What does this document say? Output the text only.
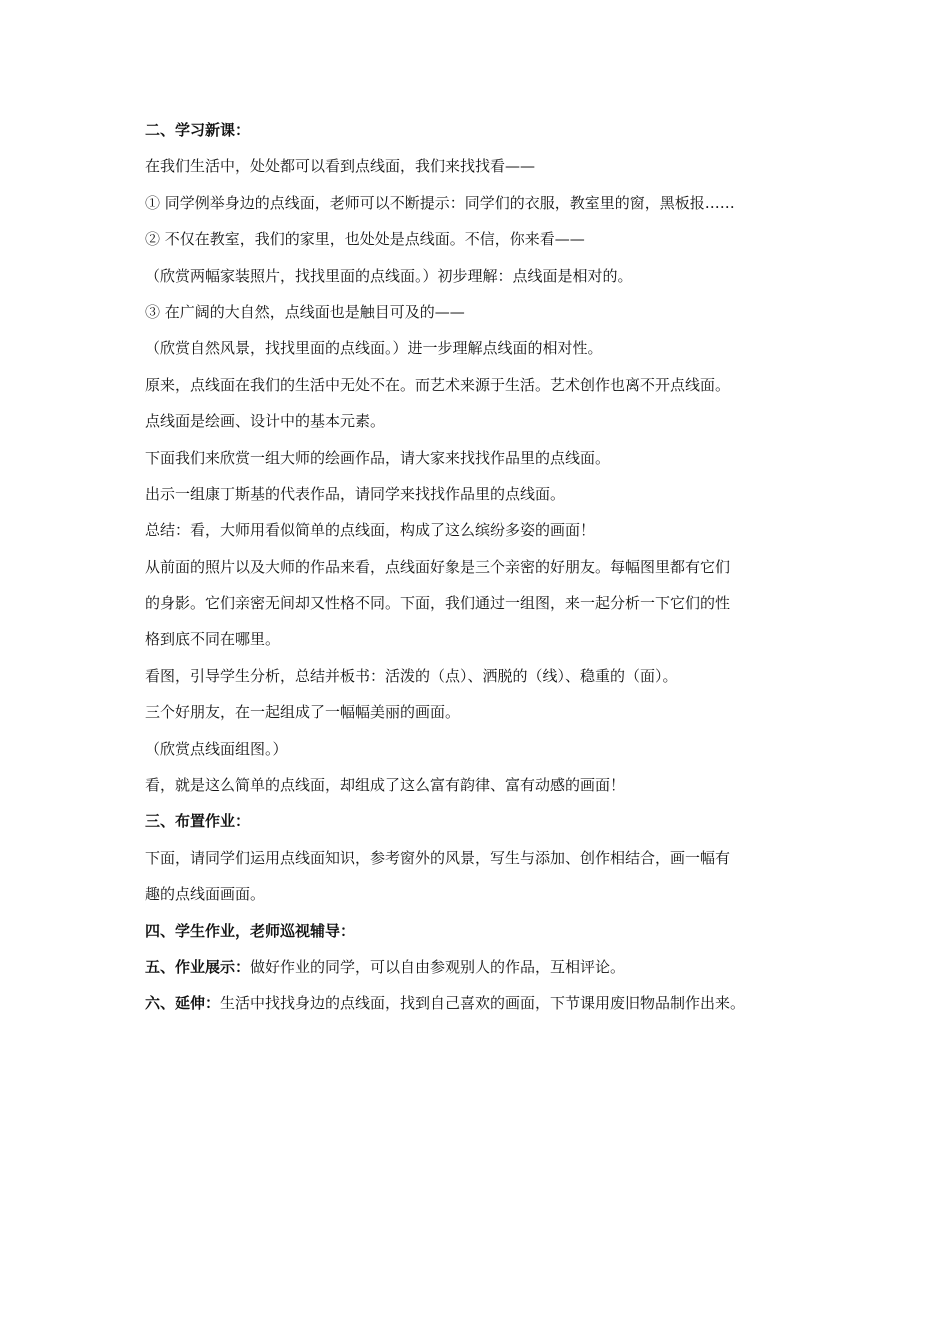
二、学习新课：
在我们生活中，处处都可以看到点线面，我们来找找看——
① 同学例举身边的点线面，老师可以不断提示：同学们的衣服，教室里的窗，黑板报……
② 不仅在教室，我们的家里，也处处是点线面。不信，你来看——
（欣赏两幅家装照片，找找里面的点线面。）初步理解：点线面是相对的。
③ 在广阔的大自然，点线面也是触目可及的——
（欣赏自然风景，找找里面的点线面。）进一步理解点线面的相对性。
原来，点线面在我们的生活中无处不在。而艺术来源于生活。艺术创作也离不开点线面。
点线面是绘画、设计中的基本元素。
下面我们来欣赏一组大师的绘画作品，请大家来找找作品里的点线面。
出示一组康丁斯基的代表作品，请同学来找找作品里的点线面。
总结：看，大师用看似简单的点线面，构成了这么缤纷多姿的画面！
从前面的照片以及大师的作品来看，点线面好象是三个亲密的好朋友。每幅图里都有它们
的身影。它们亲密无间却又性格不同。下面，我们通过一组图，来一起分析一下它们的性
格到底不同在哪里。
看图，引导学生分析，总结并板书：活泼的（点）、洒脱的（线）、稳重的（面）。
三个好朋友，在一起组成了一幅幅美丽的画面。
（欣赏点线面组图。）
看，就是这么简单的点线面，却组成了这么富有韵律、富有动感的画面！
三、布置作业：
下面，请同学们运用点线面知识，参考窗外的风景，写生与添加、创作相结合，画一幅有
趣的点线面画面。
四、学生作业，老师巡视辅导：
五、作业展示：做好作业的同学，可以自由参观别人的作品，互相评论。
六、延伸：生活中找找身边的点线面，找到自己喜欢的画面，下节课用废旧物品制作出来。
